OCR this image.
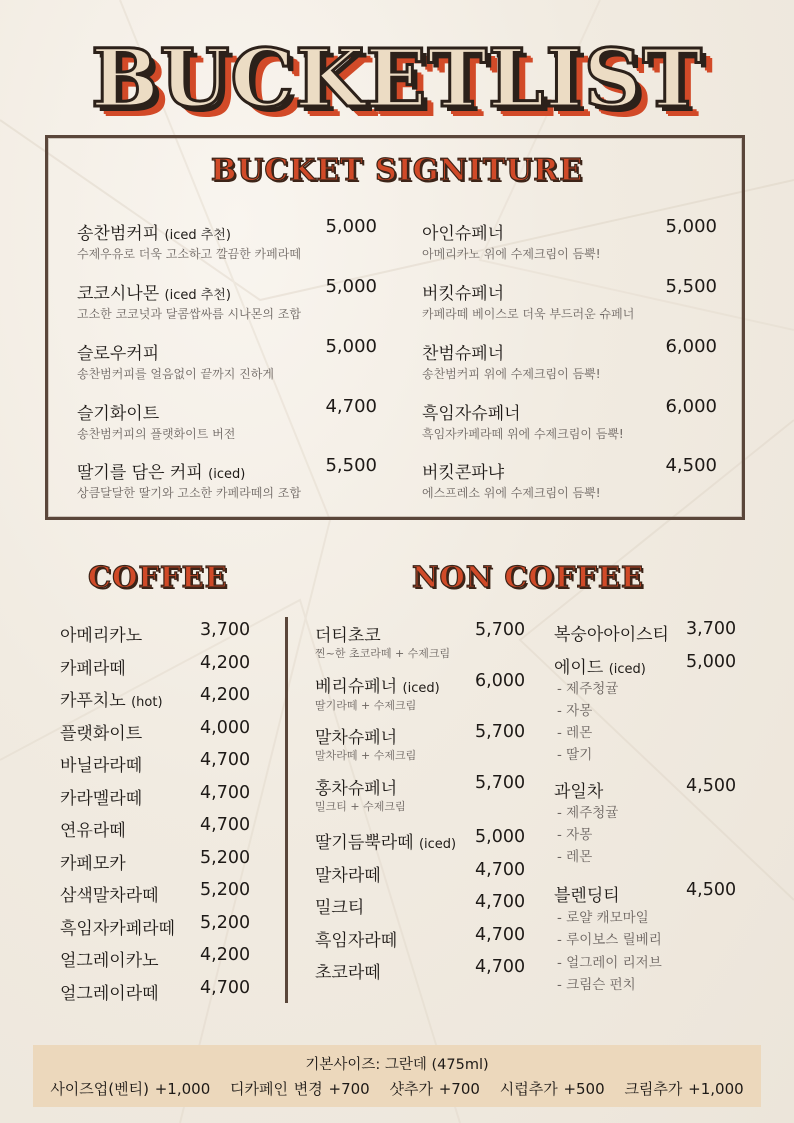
BUCKETLIST
BUCKET SIGNITURE
송찬범커피 (iced 추천)	5,000
수제우유로 더욱 고소하고 깔끔한 카페라떼
코코시나몬 (iced 추천)	5,000
고소한 코코넛과 달콤쌉싸름 시나몬의 조합
슬로우커피	5,000
송찬범커피를 얼음없이 끝까지 진하게
슬기화이트	4,700
송찬범커피의 플랫화이트 버전
딸기를 담은 커피 (iced)	5,500
상큼달달한 딸기와 고소한 카페라떼의 조합
아인슈페너	5,000
아메리카노 위에 수제크림이 듬뿍!
버킷슈페너	5,500
카페라떼 베이스로 더욱 부드러운 슈페너
찬범슈페너	6,000
송찬범커피 위에 수제크림이 듬뿍!
흑임자슈페너	6,000
흑임자카페라떼 위에 수제크림이 듬뿍!
버킷콘파냐	4,500
에스프레소 위에 수제크림이 듬뿍!
COFFEE	NON COFFEE
아메리카노	3,700
카페라떼	4,200
카푸치노 (hot) 4,200
플랫화이트	4,000
바닐라라떼	4,700
카라멜라떼	4,700
연유라떼	4,700
카페모카	5,200
삼색말차라떼 5,200
흑임자카페라떼 5,200
얼그레이카노 4,200
얼그레이라떼 4,700
더티초코	5,700
찐~한 초코라떼 + 수제크림
베리슈페너 (iced) 6,000
딸기라떼 + 수제크림
말차슈페너	5,700
말차라떼 + 수제크림
홍차슈페너	5,700
밀크티 + 수제크림
딸기듬뿍라떼 (iced) 5,000
말차라떼	4,700
밀크티	4,700
흑임자라떼	4,700
초코라떼	4,700
복숭아아이스티 3,700
에이드 (iced) 5,000
- 제주청귤
- 자몽
- 레몬
- 딸기
과일차	4,500
- 제주청귤
- 자몽
- 레몬
블렌딩티	4,500
- 로얄 캐모마일
- 루이보스 릴베리
- 얼그레이 리저브
- 크림슨 펀치
기본사이즈: 그란데 (475ml)
사이즈업(벤티) +1,000 디카페인 변경 +700 샷추가 +700 시럽추가 +500 크림추가 +1,000
